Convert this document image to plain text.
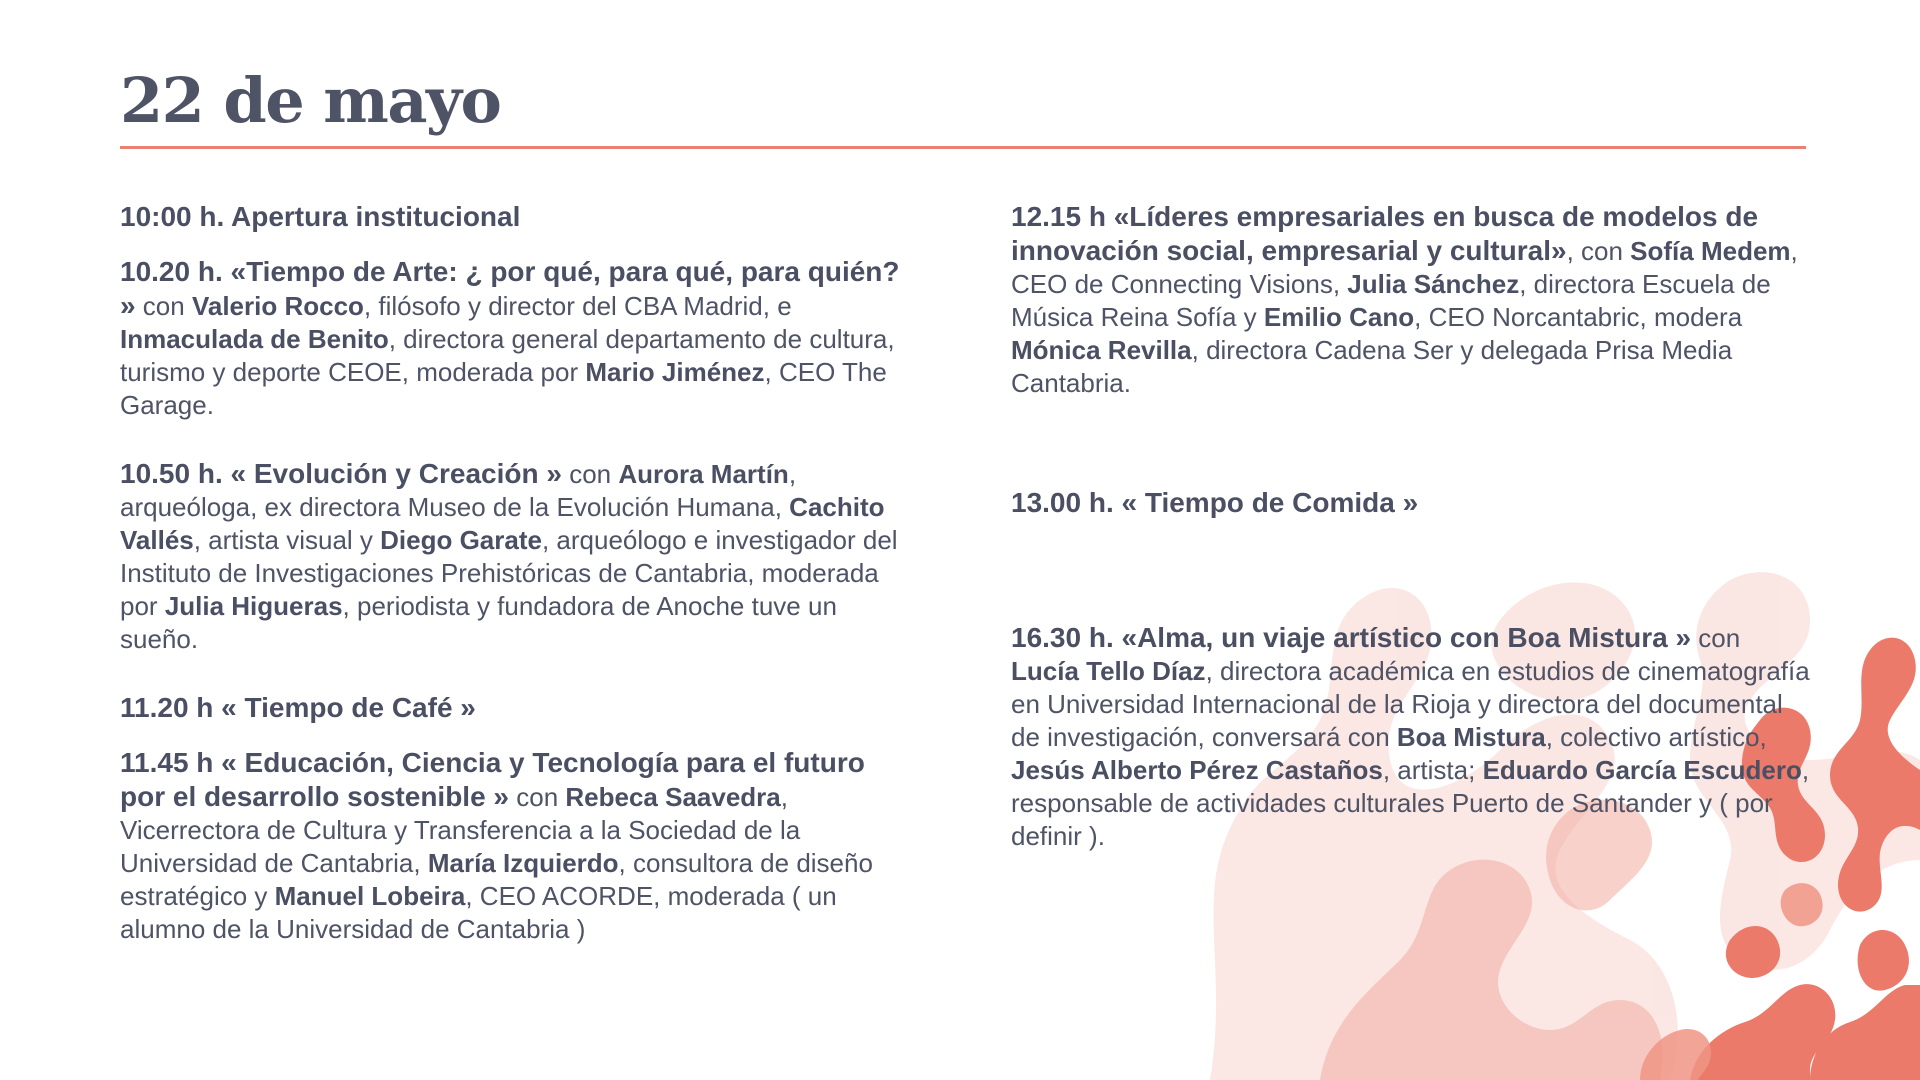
22 de mayo

10:00 h. Apertura institucional

10.20 h. «Tiempo de Arte: ¿ por qué, para qué, para quién? » con Valerio Rocco, filósofo y director del CBA Madrid, e Inmaculada de Benito, directora general departamento de cultura, turismo y deporte CEOE, moderada por Mario Jiménez, CEO The Garage.

10.50 h. « Evolución y Creación » con Aurora Martín, arqueóloga, ex directora Museo de la Evolución Humana, Cachito Vallés, artista visual y Diego Garate, arqueólogo e investigador del Instituto de Investigaciones Prehistóricas de Cantabria, moderada por Julia Higueras, periodista y fundadora de Anoche tuve un sueño.

11.20 h « Tiempo de Café »

11.45 h « Educación, Ciencia y Tecnología para el futuro por el desarrollo sostenible » con Rebeca Saavedra, Vicerrectora de Cultura y Transferencia a la Sociedad de la Universidad de Cantabria, María Izquierdo, consultora de diseño estratégico y Manuel Lobeira, CEO ACORDE, moderada ( un alumno de la Universidad de Cantabria )

12.15 h «Líderes empresariales en busca de modelos de innovación social, empresarial y cultural», con Sofía Medem, CEO de Connecting Visions, Julia Sánchez, directora Escuela de Música Reina Sofía y Emilio Cano, CEO Norcantabric, modera Mónica Revilla, directora Cadena Ser y delegada Prisa Media Cantabria.

13.00 h. « Tiempo de Comida »

16.30 h. «Alma, un viaje artístico con Boa Mistura » con Lucía Tello Díaz, directora académica en estudios de cinematografía en Universidad Internacional de la Rioja y directora del documental de investigación, conversará con Boa Mistura, colectivo artístico, Jesús Alberto Pérez Castaños, artista; Eduardo García Escudero, responsable de actividades culturales Puerto de Santander y ( por definir ).
